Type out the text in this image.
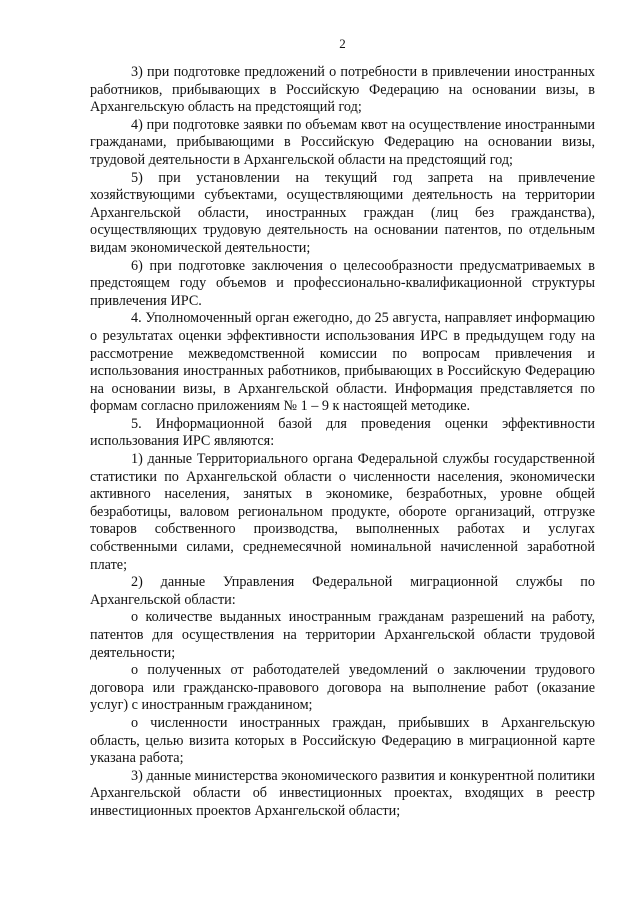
2

3) при подготовке предложений о потребности в привлечении иностранных работников, прибывающих в Российскую Федерацию на основании визы, в Архангельскую область на предстоящий год;

4) при подготовке заявки по объемам квот на осуществление иностранными гражданами, прибывающими в Российскую Федерацию на основании визы, трудовой деятельности в Архангельской области на предстоящий год;

5) при установлении на текущий год запрета на привлечение хозяйствующими субъектами, осуществляющими деятельность на территории Архангельской области, иностранных граждан (лиц без гражданства), осуществляющих трудовую деятельность на основании патентов, по отдельным видам экономической деятельности;

6) при подготовке заключения о целесообразности предусматриваемых в предстоящем году объемов и профессионально-квалификационной структуры привлечения ИРС.

4. Уполномоченный орган ежегодно, до 25 августа, направляет информацию о результатах оценки эффективности использования ИРС в предыдущем году на рассмотрение межведомственной комиссии по вопросам привлечения и использования иностранных работников, прибывающих в Российскую Федерацию на основании визы, в Архангельской области. Информация представляется по формам согласно приложениям № 1 – 9 к настоящей методике.

5. Информационной базой для проведения оценки эффективности использования ИРС являются:

1) данные Территориального органа Федеральной службы государственной статистики по Архангельской области о численности населения, экономически активного населения, занятых в экономике, безработных, уровне общей безработицы, валовом региональном продукте, обороте организаций, отгрузке товаров собственного производства, выполненных работах и услугах собственными силами, среднемесячной номинальной начисленной заработной плате;

2) данные Управления Федеральной миграционной службы по Архангельской области:

о количестве выданных иностранным гражданам разрешений на работу, патентов для осуществления на территории Архангельской области трудовой деятельности;

о полученных от работодателей уведомлений о заключении трудового договора или гражданско-правового договора на выполнение работ (оказание услуг) с иностранным гражданином;

о численности иностранных граждан, прибывших в Архангельскую область, целью визита которых в Российскую Федерацию в миграционной карте указана работа;

3) данные министерства экономического развития и конкурентной политики Архангельской области об инвестиционных проектах, входящих в реестр инвестиционных проектов Архангельской области;
